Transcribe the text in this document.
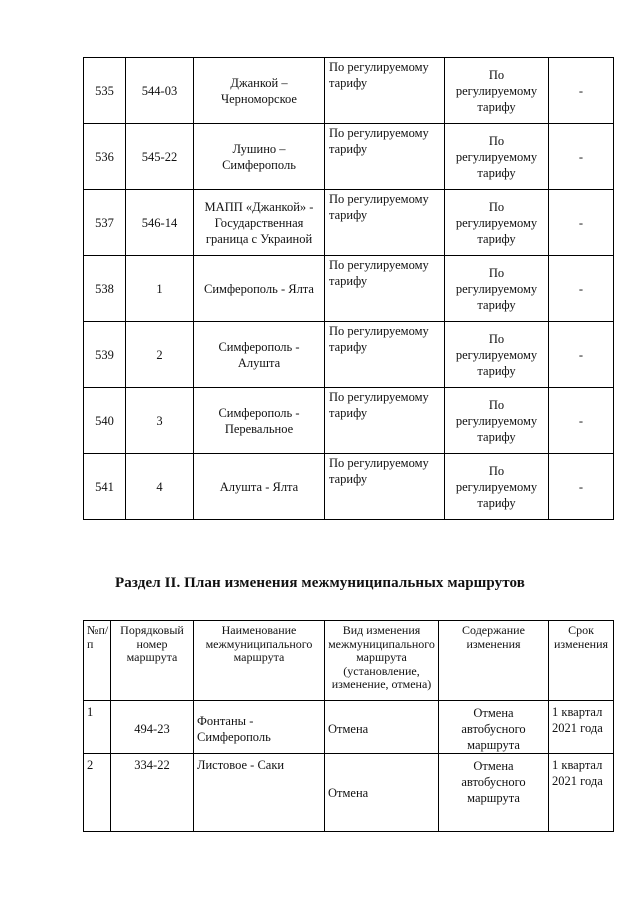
535	544-03	Джанкой –
Черноморское	По регулируемому тарифу	По
регулируемому
тарифу	-
536	545-22	Лушино –
Симферополь	По регулируемому тарифу	По
регулируемому
тарифу	-
537	546-14	МАПП «Джанкой» -
Государственная
граница с Украиной	По регулируемому тарифу	По
регулируемому
тарифу	-
538	1	Симферополь - Ялта	По регулируемому тарифу	По
регулируемому
тарифу	-
539	2	Симферополь -
Алушта	По регулируемому тарифу	По
регулируемому
тарифу	-
540	3	Симферополь -
Перевальное	По регулируемому тарифу	По
регулируемому
тарифу	-
541	4	Алушта - Ялта	По регулируемому тарифу	По
регулируемому
тарифу	-
Раздел II. План изменения межмуниципальных маршрутов
№п/
п	Порядковый
номер
маршрута	Наименование
межмуниципального
маршрута	Вид изменения
межмуниципального
маршрута
(установление,
изменение, отмена)	Содержание
изменения	Срок
изменения
1	494-23	Фонтаны -
Симферополь	Отмена	Отмена
автобусного
маршрута	1 квартал
2021 года
2	334-22	Листовое - Саки	Отмена	Отмена
автобусного
маршрута	1 квартал
2021 года
